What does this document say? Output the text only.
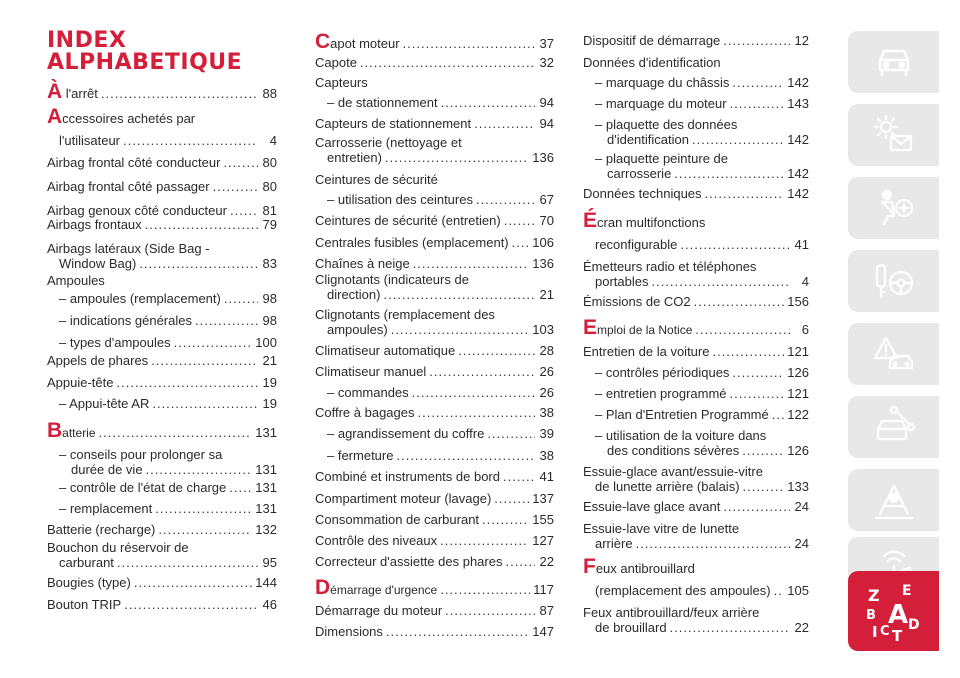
INDEX
ALPHABETIQUE
À l'arrêt .....	88
Accessoires achetés par
l'utilisateur .....	4
Airbag frontal côté conducteur .....	80
Airbag frontal côté passager .....	80
Airbag genoux côté conducteur .....	81
Airbags frontaux .....	79
Airbags latéraux (Side Bag -
Window Bag) .....	83
Ampoules
– ampoules (remplacement) .....	98
– indications générales .....	98
– types d'ampoules .....	100
Appels de phares .....	21
Appuie-tête .....	19
– Appui-tête AR .....	19
Batterie .....	131
– conseils pour prolonger sa
durée de vie .....	131
– contrôle de l'état de charge ..... 131
– remplacement .....	131
Batterie (recharge) .....	132
Bouchon du réservoir de
carburant .....	95
Bougies (type) .....	144
Bouton TRIP .....	46
Capot moteur .....	37
Capote .....	32
Capteurs
– de stationnement .....	94
Capteurs de stationnement .....	94
Carrosserie (nettoyage et
entretien) .....	136
Ceintures de sécurité
– utilisation des ceintures .....	67
Ceintures de sécurité (entretien) .....	70
Centrales fusibles (emplacement) ..... 106
Chaînes à neige .....	136
Clignotants (indicateurs de
direction) .....	21
Clignotants (remplacement des
ampoules) .....	103
Climatiseur automatique .....	28
Climatiseur manuel .....	26
– commandes .....	26
Coffre à bagages .....	38
– agrandissement du coffre .....	39
– fermeture .....	38
Combiné et instruments de bord .....	41
Compartiment moteur (lavage) .....	137
Consommation de carburant .....	155
Contrôle des niveaux .....	127
Correcteur d'assiette des phares .....	22
Démarrage d'urgence .....	117
Démarrage du moteur .....	87
Dimensions .....	147
Dispositif de démarrage .....	12
Données d'identification
– marquage du châssis .....	142
– marquage du moteur .....	143
– plaquette des données
d'identification .....	142
– plaquette peinture de
carrosserie .....	142
Données techniques .....	142
Écran multifonctions
reconfigurable .....	41
Émetteurs radio et téléphones
portables .....	4
Émissions de CO2 .....	156
Emploi de la Notice .....	6
Entretien de la voiture .....	121
– contrôles périodiques .....	126
– entretien programmé .....	121
– Plan d'Entretien Programmé ..... 122
– utilisation de la voiture dans
des conditions sévères .....	126
Essuie-glace avant/essuie-vitre
de lunette arrière (balais) .....	133
Essuie-lave glace avant .....	24
Essuie-lave vitre de lunette
arrière .....	24
Feux antibrouillard
(remplacement des ampoules) ..... 105
Feux antibrouillard/feux arrière
de brouillard .....	22
Z E
B A D
I C T
